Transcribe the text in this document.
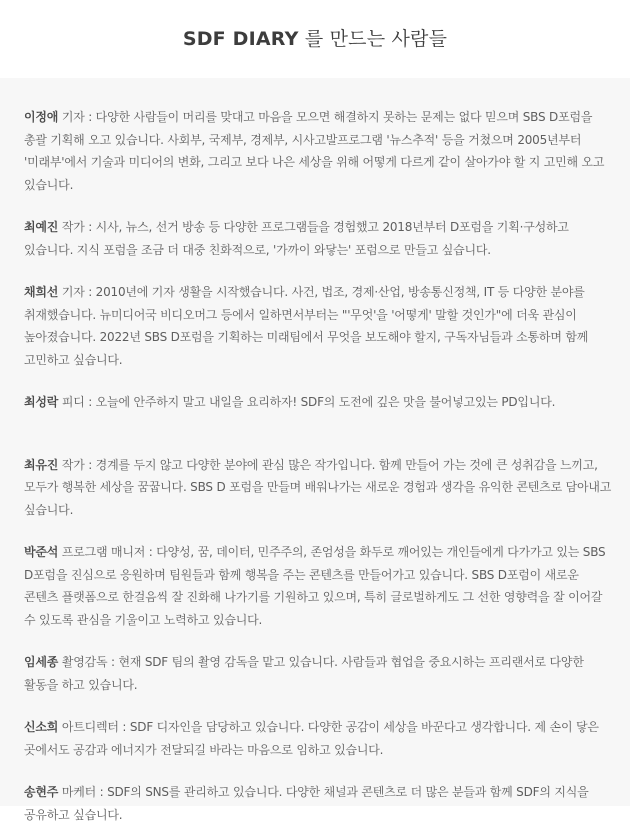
SDF DIARY 를 만드는 사람들

이정애 기자 : 다양한 사람들이 머리를 맞대고 마음을 모으면 해결하지 못하는 문제는 없다 믿으며 SBS D포럼을 총괄 기획해 오고 있습니다. 사회부, 국제부, 경제부, 시사고발프로그램 '뉴스추적' 등을 거쳤으며 2005년부터 '미래부'에서 기술과 미디어의 변화, 그리고 보다 나은 세상을 위해 어떻게 다르게 같이 살아가야 할 지 고민해 오고 있습니다.

최예진 작가 : 시사, 뉴스, 선거 방송 등 다양한 프로그램들을 경험했고 2018년부터 D포럼을 기획·구성하고 있습니다. 지식 포럼을 조금 더 대중 친화적으로, '가까이 와닿는' 포럼으로 만들고 싶습니다.

채희선 기자 : 2010년에 기자 생활을 시작했습니다. 사건, 법조, 경제·산업, 방송통신정책, IT 등 다양한 분야를 취재했습니다. 뉴미디어국 비디오머그 등에서 일하면서부터는 "'무엇'을 '어떻게' 말할 것인가"에 더욱 관심이 높아졌습니다. 2022년 SBS D포럼을 기획하는 미래팀에서 무엇을 보도해야 할지, 구독자님들과 소통하며 함께 고민하고 싶습니다.

최성락 피디 : 오늘에 안주하지 말고 내일을 요리하자! SDF의 도전에 깊은 맛을 불어넣고있는 PD입니다.

최유진 작가 : 경계를 두지 않고 다양한 분야에 관심 많은 작가입니다. 함께 만들어 가는 것에 큰 성취감을 느끼고, 모두가 행복한 세상을 꿈꿉니다. SBS D 포럼을 만들며 배워나가는 새로운 경험과 생각을 유익한 콘텐츠로 담아내고 싶습니다.

박준석 프로그램 매니저 : 다양성, 꿈, 데이터, 민주주의, 존엄성을 화두로 깨어있는 개인들에게 다가가고 있는 SBS D포럼을 진심으로 응원하며 팀원들과 함께 행복을 주는 콘텐츠를 만들어가고 있습니다. SBS D포럼이 새로운 콘텐츠 플랫폼으로 한걸음씩 잘 진화해 나가기를 기원하고 있으며, 특히 글로벌하게도 그 선한 영향력을 잘 이어갈 수 있도록 관심을 기울이고 노력하고 있습니다.

임세종 촬영감독 : 현재 SDF 팀의 촬영 감독을 맡고 있습니다. 사람들과 협업을 중요시하는 프리랜서로 다양한 활동을 하고 있습니다.

신소희 아트디렉터 : SDF 디자인을 담당하고 있습니다. 다양한 공감이 세상을 바꾼다고 생각합니다. 제 손이 닿은 곳에서도 공감과 에너지가 전달되길 바라는 마음으로 임하고 있습니다.

송현주 마케터 : SDF의 SNS를 관리하고 있습니다. 다양한 채널과 콘텐츠로 더 많은 분들과 함께 SDF의 지식을 공유하고 싶습니다.
